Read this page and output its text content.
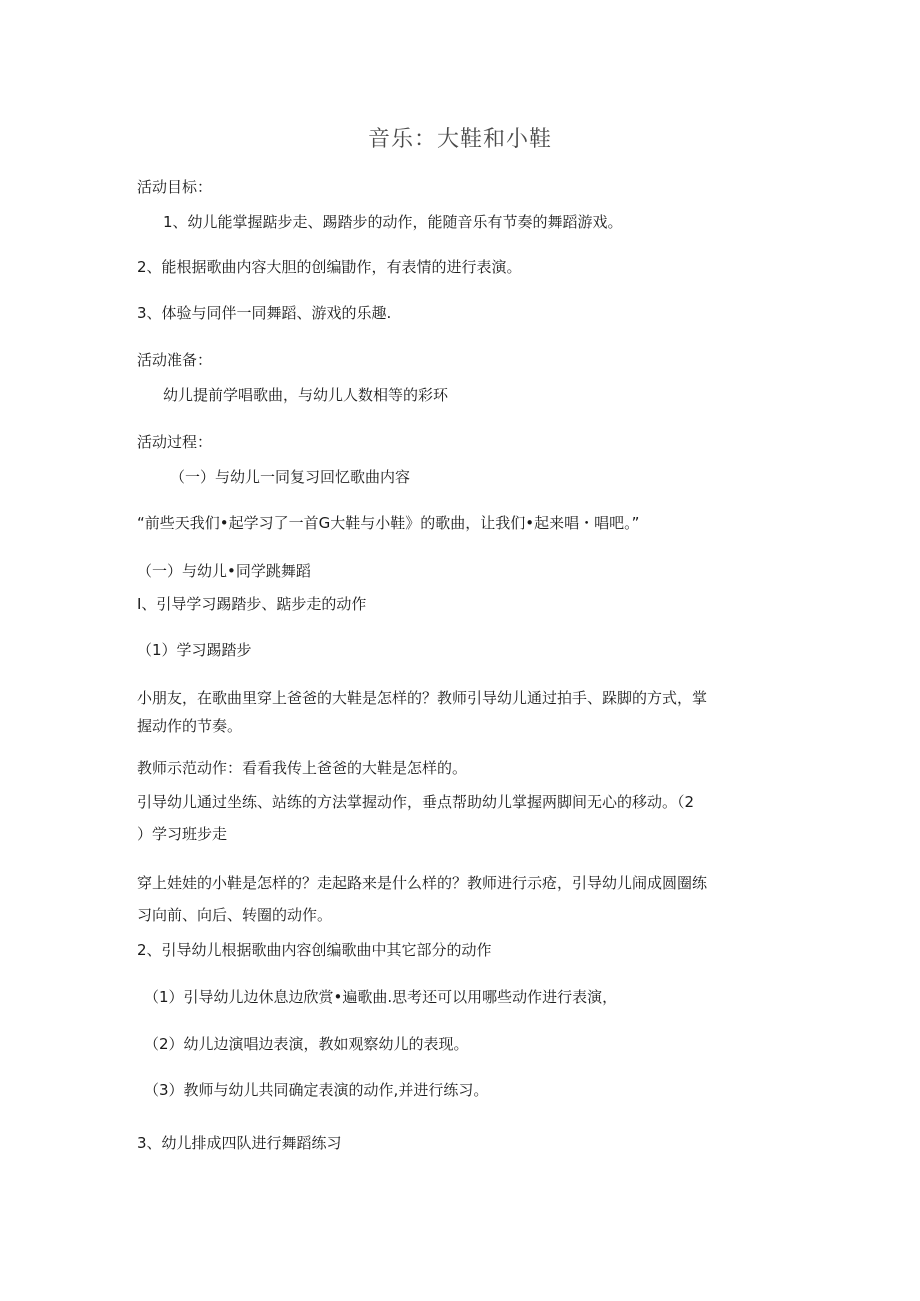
音乐：大鞋和小鞋
活动目标：
1、幼儿能掌握踮步走、踢踏步的动作，能随音乐有节奏的舞蹈游戏。
2、能根据歌曲内容大胆的创编勖作，有表情的进行表演。
3、体验与同伴一同舞蹈、游戏的乐趣.
活动准备：
幼儿提前学唱歌曲，与幼儿人数相等的彩环
活动过程：
（一）与幼儿一同复习回忆歌曲内容
“前些天我们•起学习了一首G大鞋与小鞋》的歌曲，让我们•起来唱・唱吧。”
（一）与幼儿•同学跳舞蹈
I、引导学习踢踏步、踮步走的动作
（1）学习踢踏步
小朋友，在歌曲里穿上爸爸的大鞋是怎样的？教师引导幼儿通过拍手、跺脚的方式，掌
握动作的节奏。
教师示范动作：看看我传上爸爸的大鞋是怎样的。
引导幼儿通过坐练、站练的方法掌握动作，垂点帮助幼儿掌握两脚间无心的移动。（2
）学习班步走
穿上娃娃的小鞋是怎样的？走起路来是什么样的？教师进行示疮，引导幼儿闹成圆圈练
习向前、向后、转圈的动作。
2、引导幼儿根据歌曲内容创编歌曲中其它部分的动作
（1）引导幼儿边休息边欣赏•遍歌曲.思考还可以用哪些动作进行表演，
（2）幼儿边演唱边表演，教如观察幼儿的表现。
（3）教师与幼儿共同确定表演的动作,并进行练习。
3、幼儿排成四队进行舞蹈练习
